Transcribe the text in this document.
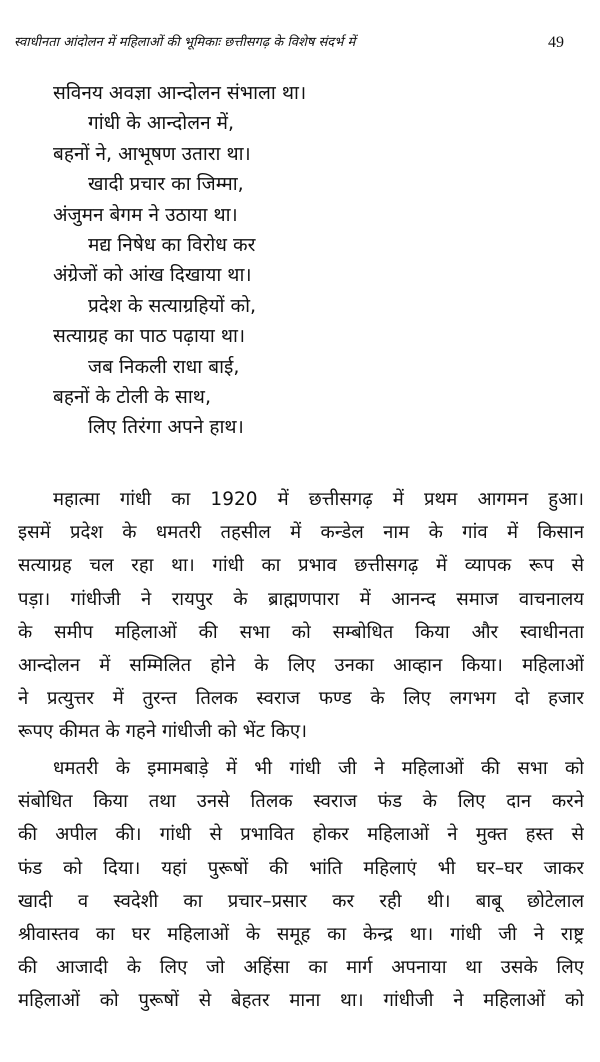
स्वाधीनता आंदोलन में महिलाओं की भूमिकाः छत्तीसगढ़ के विशेष संदर्भ में	49
सविनय अवज्ञा आन्दोलन संभाला था।
गांधी के आन्दोलन में,
बहनों ने, आभूषण उतारा था।
खादी प्रचार का जिम्मा,
अंजुमन बेगम ने उठाया था।
मद्य निषेध का विरोध कर
अंग्रेजों को आंख दिखाया था।
प्रदेश के सत्याग्रहियों को,
सत्याग्रह का पाठ पढ़ाया था।
जब निकली राधा बाई,
बहनों के टोली के साथ,
लिए तिरंगा अपने हाथ।
महात्मा गांधी का 1920 में छत्तीसगढ़ में प्रथम आगमन हुआ।
इसमें प्रदेश के धमतरी तहसील में कन्डेल नाम के गांव में किसान
सत्याग्रह चल रहा था। गांधी का प्रभाव छत्तीसगढ़ में व्यापक रूप से
पड़ा। गांधीजी ने रायपुर के ब्राह्मणपारा में आनन्द समाज वाचनालय
के समीप महिलाओं की सभा को सम्बोधित किया और स्वाधीनता
आन्दोलन में सम्मिलित होने के लिए उनका आव्हान किया। महिलाओं
ने प्रत्युत्तर में तुरन्त तिलक स्वराज फण्ड के लिए लगभग दो हजार
रूपए कीमत के गहने गांधीजी को भेंट किए।
धमतरी के इमामबाड़े में भी गांधी जी ने महिलाओं की सभा को
संबोधित किया तथा उनसे तिलक स्वराज फंड के लिए दान करने
की अपील की। गांधी से प्रभावित होकर महिलाओं ने मुक्त हस्त से
फंड को दिया। यहां पुरूषों की भांति महिलाएं भी घर–घर जाकर
खादी व स्वदेशी का प्रचार–प्रसार कर रही थी। बाबू छोटेलाल
श्रीवास्तव का घर महिलाओं के समूह का केन्द्र था। गांधी जी ने राष्ट्र
की आजादी के लिए जो अहिंसा का मार्ग अपनाया था उसके लिए
महिलाओं को पुरूषों से बेहतर माना था। गांधीजी ने महिलाओं को
